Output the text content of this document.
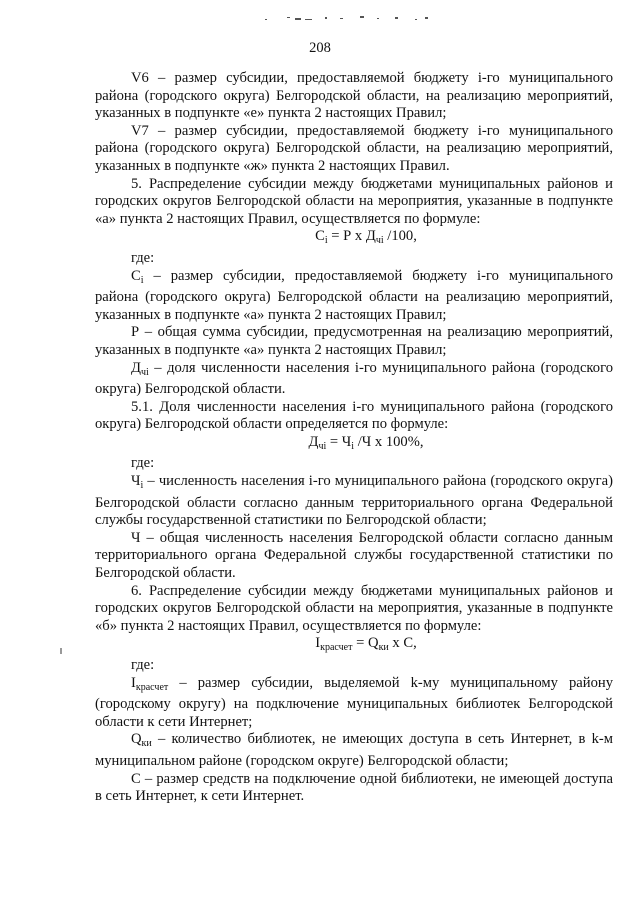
208

V6 – размер субсидии, предоставляемой бюджету i-го муниципального района (городского округа) Белгородской области, на реализацию мероприятий, указанных в подпункте «е» пункта 2 настоящих Правил;

V7 – размер субсидии, предоставляемой бюджету i-го муниципального района (городского округа) Белгородской области, на реализацию мероприятий, указанных в подпункте «ж» пункта 2 настоящих Правил.

5. Распределение субсидии между бюджетами муниципальных районов и городских округов Белгородской области на мероприятия, указанные в подпункте «а» пункта 2 настоящих Правил, осуществляется по формуле:

$C_i = Р$ х $Д_{чi}$ /100,

где:

$С_i$ – размер субсидии, предоставляемой бюджету i-го муниципального района (городского округа) Белгородской области на реализацию мероприятий, указанных в подпункте «а» пункта 2 настоящих Правил;

Р – общая сумма субсидии, предусмотренная на реализацию мероприятий, указанных в подпункте «а» пункта 2 настоящих Правил;

$Д_{чi}$ – доля численности населения i-го муниципального района (городского округа) Белгородской области.

5.1. Доля численности населения i-го муниципального района (городского округа) Белгородской области определяется по формуле:

$Д_{чi} = Ч_i$ /Ч х 100%,

где:

$Ч_i$ – численность населения i-го муниципального района (городского округа) Белгородской области согласно данным территориального органа Федеральной службы государственной статистики по Белгородской области;

Ч – общая численность населения Белгородской области согласно данным территориального органа Федеральной службы государственной статистики по Белгородской области.

6. Распределение субсидии между бюджетами муниципальных районов и городских округов Белгородской области на мероприятия, указанные в подпункте «б» пункта 2 настоящих Правил, осуществляется по формуле:

$I_{красчет} = Q_{ки}$ х С,

где:

$I_{красчет}$ – размер субсидии, выделяемой k-му муниципальному району (городскому округу) на подключение муниципальных библиотек Белгородской области к сети Интернет;

$Q_{ки}$ – количество библиотек, не имеющих доступа в сеть Интернет, в k-м муниципальном районе (городском округе) Белгородской области;

С – размер средств на подключение одной библиотеки, не имеющей доступа в сеть Интернет, к сети Интернет.
